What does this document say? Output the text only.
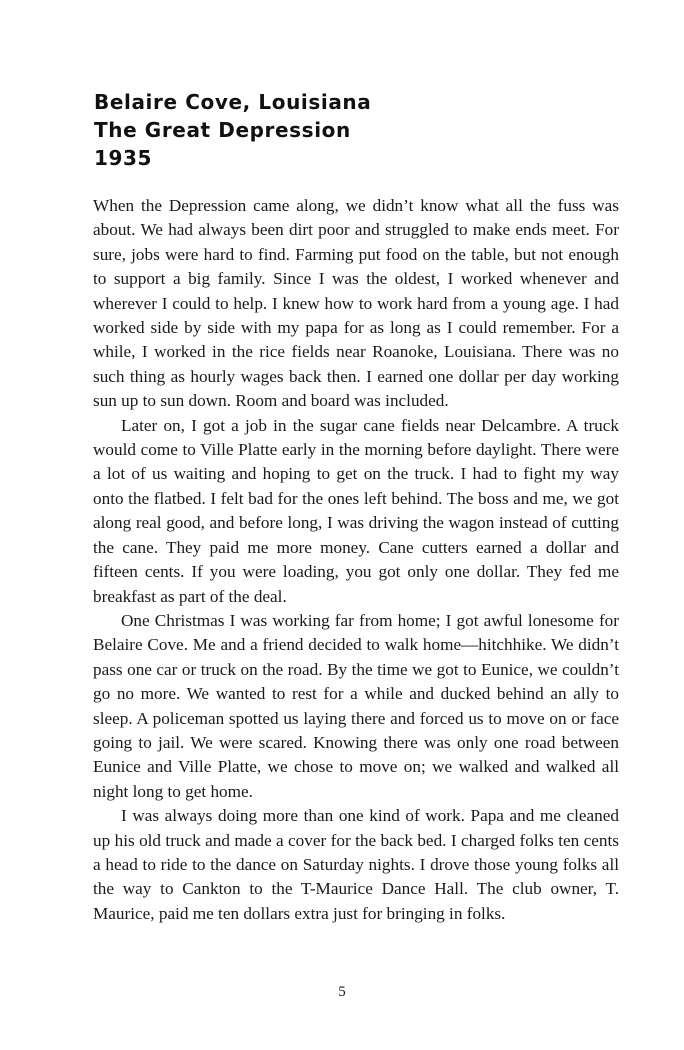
Belaire Cove, Louisiana
The Great Depression
1935

When the Depression came along, we didn’t know what all the fuss was about. We had always been dirt poor and struggled to make ends meet. For sure, jobs were hard to find. Farming put food on the table, but not enough to support a big family. Since I was the oldest, I worked whenever and wherever I could to help. I knew how to work hard from a young age. I had worked side by side with my papa for as long as I could remember. For a while, I worked in the rice fields near Roanoke, Louisiana. There was no such thing as hourly wages back then. I earned one dollar per day working sun up to sun down. Room and board was included.

Later on, I got a job in the sugar cane fields near Delcambre. A truck would come to Ville Platte early in the morning before daylight. There were a lot of us waiting and hoping to get on the truck. I had to fight my way onto the flatbed. I felt bad for the ones left behind. The boss and me, we got along real good, and before long, I was driving the wagon instead of cutting the cane. They paid me more money. Cane cutters earned a dollar and fifteen cents. If you were loading, you got only one dollar. They fed me breakfast as part of the deal.

One Christmas I was working far from home; I got awful lonesome for Belaire Cove. Me and a friend decided to walk home—hitchhike. We didn’t pass one car or truck on the road. By the time we got to Eunice, we couldn’t go no more. We wanted to rest for a while and ducked behind an ally to sleep. A policeman spotted us laying there and forced us to move on or face going to jail. We were scared. Knowing there was only one road between Eunice and Ville Platte, we chose to move on; we walked and walked all night long to get home.

I was always doing more than one kind of work. Papa and me cleaned up his old truck and made a cover for the back bed. I charged folks ten cents a head to ride to the dance on Saturday nights. I drove those young folks all the way to Cankton to the T-Maurice Dance Hall. The club owner, T. Maurice, paid me ten dollars extra just for bringing in folks.

5
